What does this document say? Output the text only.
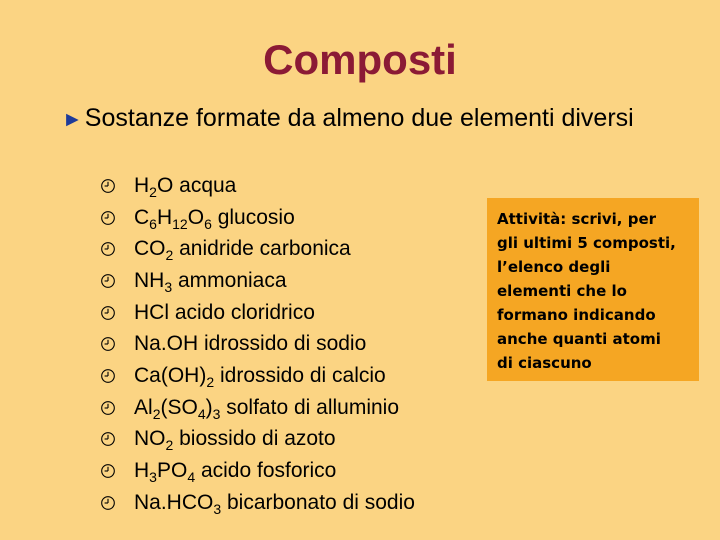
Composti
►Sostanze formate da almeno due elementi diversi
$H_2O$ acqua
$C_6H_{12}O_6$ glucosio
$CO_2$ anidride carbonica
$NH_3$ ammoniaca
HCl acido cloridrico
Na.OH idrossido di sodio
$Ca(OH)_2$ idrossido di calcio
$Al_2(SO_4)_3$ solfato di alluminio
$NO_2$ biossido di azoto
$H_3PO_4$ acido fosforico
$Na.HCO_3$ bicarbonato di sodio
Attività: scrivi, per
gli ultimi 5 composti,
l’elenco degli
elementi che lo
formano indicando
anche quanti atomi
di ciascuno
